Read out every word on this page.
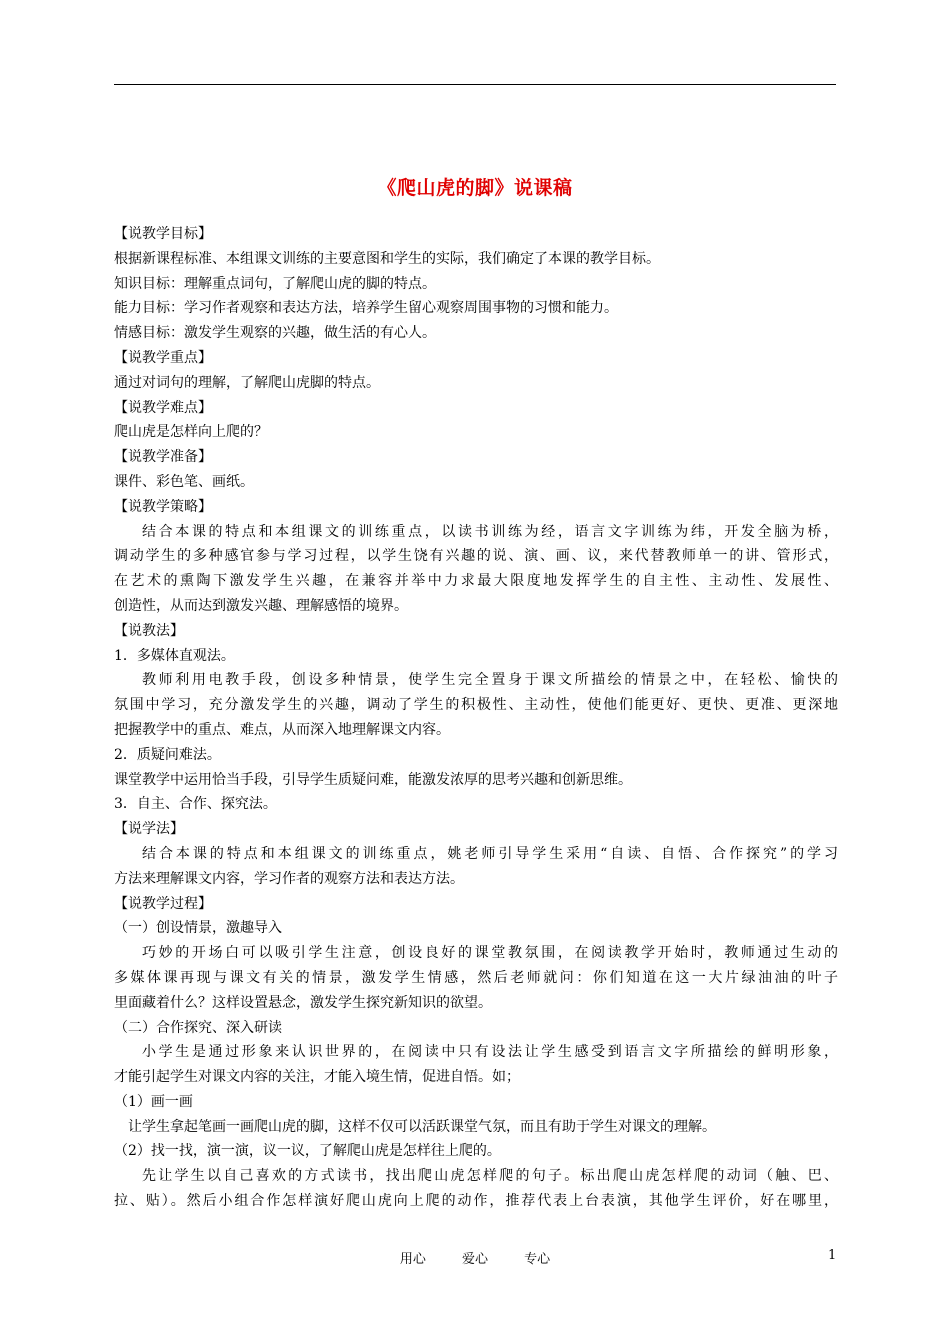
《爬山虎的脚》说课稿

【说教学目标】

根据新课程标准、本组课文训练的主要意图和学生的实际，我们确定了本课的教学目标。

知识目标：理解重点词句，了解爬山虎的脚的特点。

能力目标：学习作者观察和表达方法，培养学生留心观察周围事物的习惯和能力。

情感目标：激发学生观察的兴趣，做生活的有心人。

【说教学重点】

通过对词句的理解，了解爬山虎脚的特点。

【说教学难点】

爬山虎是怎样向上爬的？

【说教学准备】

课件、彩色笔、画纸。

【说教学策略】

结合本课的特点和本组课文的训练重点，以读书训练为经，语言文字训练为纬，开发全脑为桥，

调动学生的多种感官参与学习过程，以学生饶有兴趣的说、演、画、议，来代替教师单一的讲、管形式，

在艺术的熏陶下激发学生兴趣，在兼容并举中力求最大限度地发挥学生的自主性、主动性、发展性、

创造性，从而达到激发兴趣、理解感悟的境界。

【说教法】

1．多媒体直观法。

教师利用电教手段，创设多种情景，使学生完全置身于课文所描绘的情景之中，在轻松、愉快的

氛围中学习，充分激发学生的兴趣，调动了学生的积极性、主动性，使他们能更好、更快、更准、更深地

把握教学中的重点、难点，从而深入地理解课文内容。

2．质疑问难法。

课堂教学中运用恰当手段，引导学生质疑问难，能激发浓厚的思考兴趣和创新思维。

3．自主、合作、探究法。

【说学法】

结合本课的特点和本组课文的训练重点，姚老师引导学生采用“自读、自悟、合作探究”的学习

方法来理解课文内容，学习作者的观察方法和表达方法。

【说教学过程】

（一）创设情景，激趣导入

巧妙的开场白可以吸引学生注意，创设良好的课堂教氛围，在阅读教学开始时，教师通过生动的

多媒体课再现与课文有关的情景，激发学生情感，然后老师就问：你们知道在这一大片绿油油的叶子

里面藏着什么？这样设置悬念，激发学生探究新知识的欲望。

（二）合作探究、深入研读

小学生是通过形象来认识世界的，在阅读中只有设法让学生感受到语言文字所描绘的鲜明形象，

才能引起学生对课文内容的关注，才能入境生情，促进自悟。如；

（1）画一画

让学生拿起笔画一画爬山虎的脚，这样不仅可以活跃课堂气氛，而且有助于学生对课文的理解。

（2）找一找，演一演，议一议，了解爬山虎是怎样往上爬的。

先让学生以自己喜欢的方式读书，找出爬山虎怎样爬的句子。标出爬山虎怎样爬的动词（触、巴、

拉、贴）。然后小组合作怎样演好爬山虎向上爬的动作，推荐代表上台表演，其他学生评价，好在哪里，

用心	爱心	专心	1
